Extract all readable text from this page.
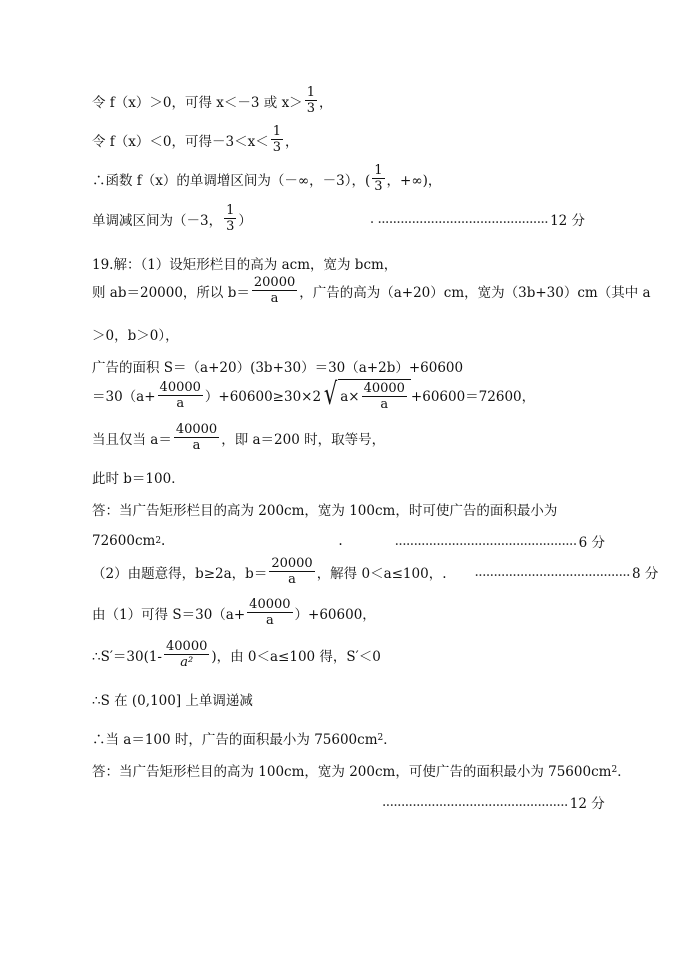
令 f（x）＞0，可得 x＜－3 或 $x> \frac{1}{3}$ ，
令 f（x）＜0，可得$-3<x< \frac{1}{3}$ ，
∴函数 f（x）的单调增区间为（－∞，－3），( $\frac{1}{3}$ ，+∞)，
单调减区间为（－3， $\frac{1}{3}$ ）	. ............................................. 12 分
19.解：（1）设矩形栏目的高为 acm，宽为 bcm，
则 ab＝20000，所以 $b= \frac{20000}{a}$ ，广告的高为（a+20）cm，宽为（3b+30）cm（其中 a
＞0，b＞0），
广告的面积 S＝（a+20）(3b+30）＝30（a+2b）+60600
$=30(a+ \frac{40000}{a} )+60600\ge 30\times 2$ √ $a\times \frac{40000}{a} +60600=72600$，
当且仅当 $a= \frac{40000}{a}$ ，即 a＝200 时，取等号，
此时 b＝100．
答：当广告矩形栏目的高为 200cm，宽为 100cm，时可使广告的面积最小为
72600cm 2 .	.	................................................ 6 分
（2）由题意得，b≥2a，$b= \frac{20000}{a}$ ，解得 0＜a≤100，. ......................................... 8 分
由（1）可得 $S=30(a+ \frac{40000}{a} )+60600$，
∴S′＝30(1- $\frac{40000}{\text{a²}}$ )，由 0＜a≤100 得，S′＜0
∴S 在 (0,100] 上单调递减
∴当 a＝100 时，广告的面积最小为 75600cm 2 ．
答：当广告矩形栏目的高为 100cm，宽为 200cm，可使广告的面积最小为 75600cm 2 ．
................................................. 12 分
